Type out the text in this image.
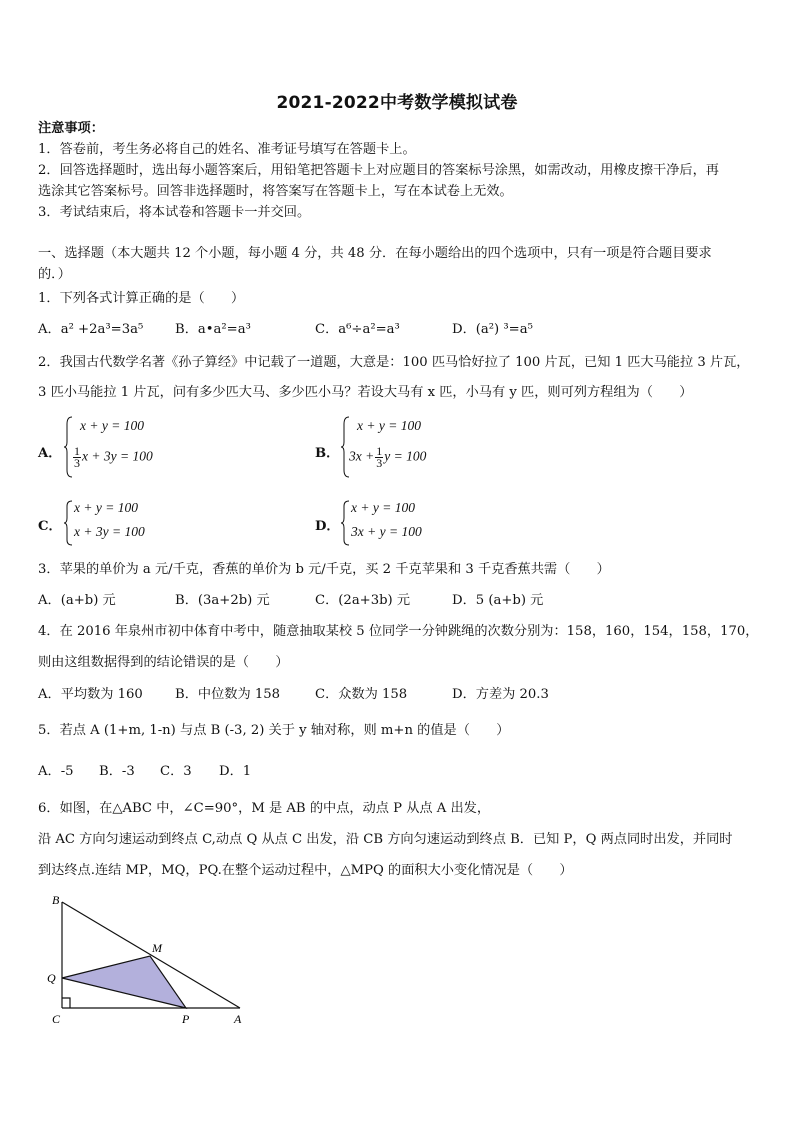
2021-2022中考数学模拟试卷
注意事项：
1．答卷前，考生务必将自己的姓名、准考证号填写在答题卡上。
2．回答选择题时，选出每小题答案后，用铅笔把答题卡上对应题目的答案标号涂黑，如需改动，用橡皮擦干净后，再
选涂其它答案标号。回答非选择题时，将答案写在答题卡上，写在本试卷上无效。
3．考试结束后，将本试卷和答题卡一并交回。
一、选择题（本大题共 12 个小题，每小题 4 分，共 48 分．在每小题给出的四个选项中，只有一项是符合题目要求
的．）
1．下列各式计算正确的是（　　）
A．a² +2a³=3a⁵ B．a•a²=a³	C．a⁶÷a²=a³	D．(a²) ³=a⁵
2．我国古代数学名著《孙子算经》中记载了一道题，大意是：100 匹马恰好拉了 100 片瓦，已知 1 匹大马能拉 3 片瓦，
3 匹小马能拉 1 片瓦，问有多少匹大马、多少匹小马？若设大马有 x 匹，小马有 y 匹，则可列方程组为（　　）
A．
x + y = 100
$\frac{1}{3}$ x + 3y = 100	B．
x + y = 100
$3x + \frac{1}{3}$ y = 100
C．
x + y = 100
x + 3y = 100	D．
x + y = 100
3x + y = 100
3．苹果的单价为 a 元/千克，香蕉的单价为 b 元/千克，买 2 千克苹果和 3 千克香蕉共需（　　）
A．(a+b) 元	B．(3a+2b) 元	C．(2a+3b) 元	D．5 (a+b) 元
4．在 2016 年泉州市初中体育中考中，随意抽取某校 5 位同学一分钟跳绳的次数分别为：158，160，154，158，170，
则由这组数据得到的结论错误的是（　　）
A．平均数为 160 B．中位数为 158	C．众数为 158	D．方差为 20.3
5．若点 A (1+m, 1-n) 与点 B (-3, 2) 关于 y 轴对称，则 m+n 的值是（　　）
A．-5 B．-3 C．3 D．1
6．如图，在△ABC 中，∠C=90°，M 是 AB 的中点，动点 P 从点 A 出发，
沿 AC 方向匀速运动到终点 C,动点 Q 从点 C 出发，沿 CB 方向匀速运动到终点 B．已知 P，Q 两点同时出发，并同时
到达终点.连结 MP，MQ，PQ.在整个运动过程中，△MPQ 的面积大小变化情况是（　　）
B
M
Q
C	P	A
